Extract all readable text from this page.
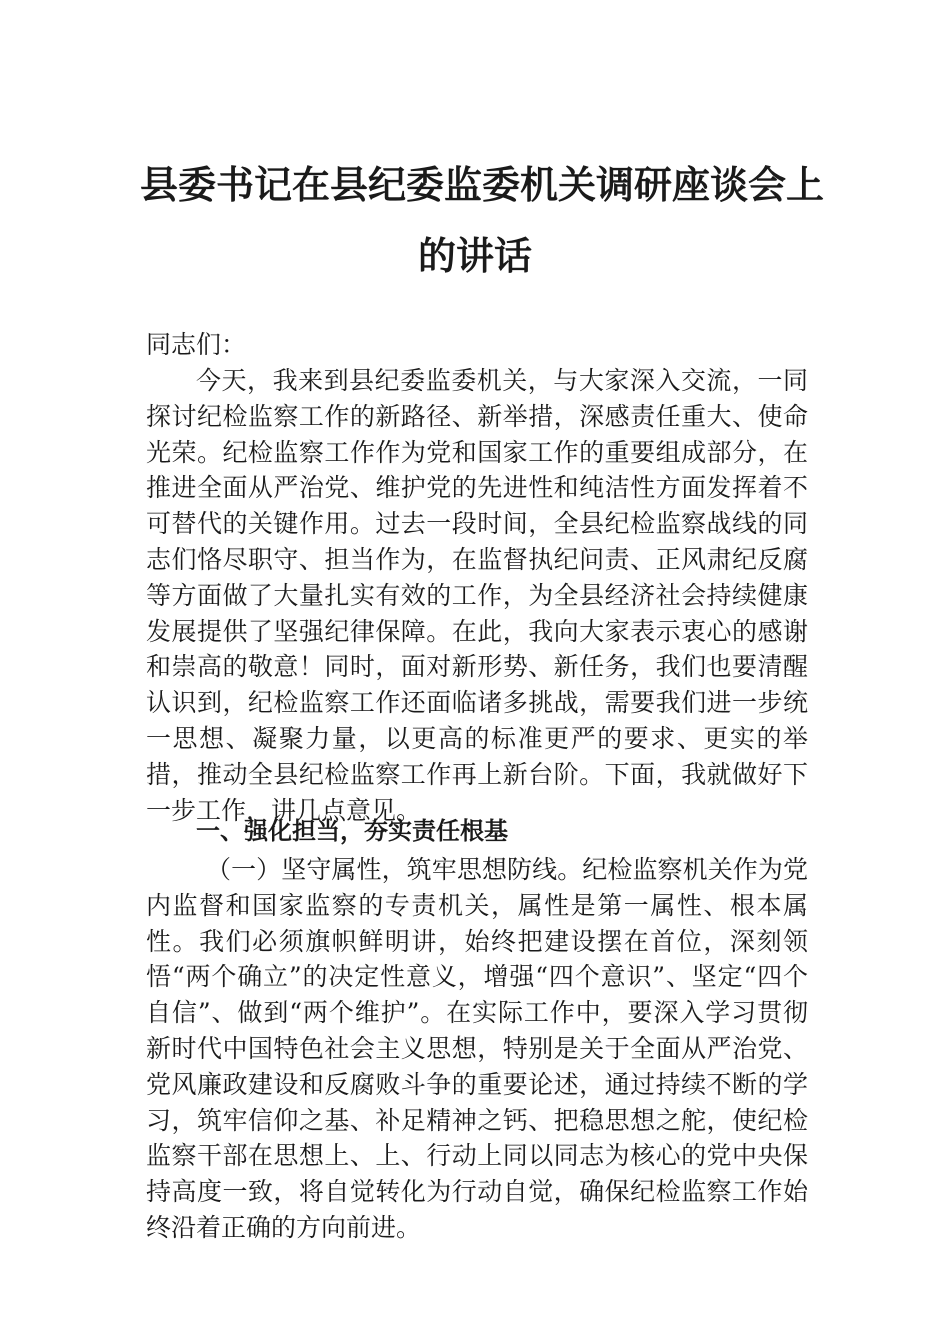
县委书记在县纪委监委机关调研座谈会上
的讲话

同志们：

今天，我来到县纪委监委机关，与大家深入交流，一同探讨纪检监察工作的新路径、新举措，深感责任重大、使命光荣。纪检监察工作作为党和国家工作的重要组成部分，在推进全面从严治党、维护党的先进性和纯洁性方面发挥着不可替代的关键作用。过去一段时间，全县纪检监察战线的同志们恪尽职守、担当作为，在监督执纪问责、正风肃纪反腐等方面做了大量扎实有效的工作，为全县经济社会持续健康发展提供了坚强纪律保障。在此，我向大家表示衷心的感谢和崇高的敬意！同时，面对新形势、新任务，我们也要清醒认识到，纪检监察工作还面临诸多挑战，需要我们进一步统一思想、凝聚力量，以更高的标准更严的要求、更实的举措，推动全县纪检监察工作再上新台阶。下面，我就做好下一步工作，讲几点意见。

一、强化担当，夯实责任根基

（一）坚守属性，筑牢思想防线。纪检监察机关作为党内监督和国家监察的专责机关，属性是第一属性、根本属性。我们必须旗帜鲜明讲，始终把建设摆在首位，深刻领悟“两个确立”的决定性意义，增强“四个意识”、坚定“四个自信”、做到“两个维护”。在实际工作中，要深入学习贯彻新时代中国特色社会主义思想，特别是关于全面从严治党、党风廉政建设和反腐败斗争的重要论述，通过持续不断的学习，筑牢信仰之基、补足精神之钙、把稳思想之舵，使纪检监察干部在思想上、上、行动上同以同志为核心的党中央保持高度一致，将自觉转化为行动自觉，确保纪检监察工作始终沿着正确的方向前进。
